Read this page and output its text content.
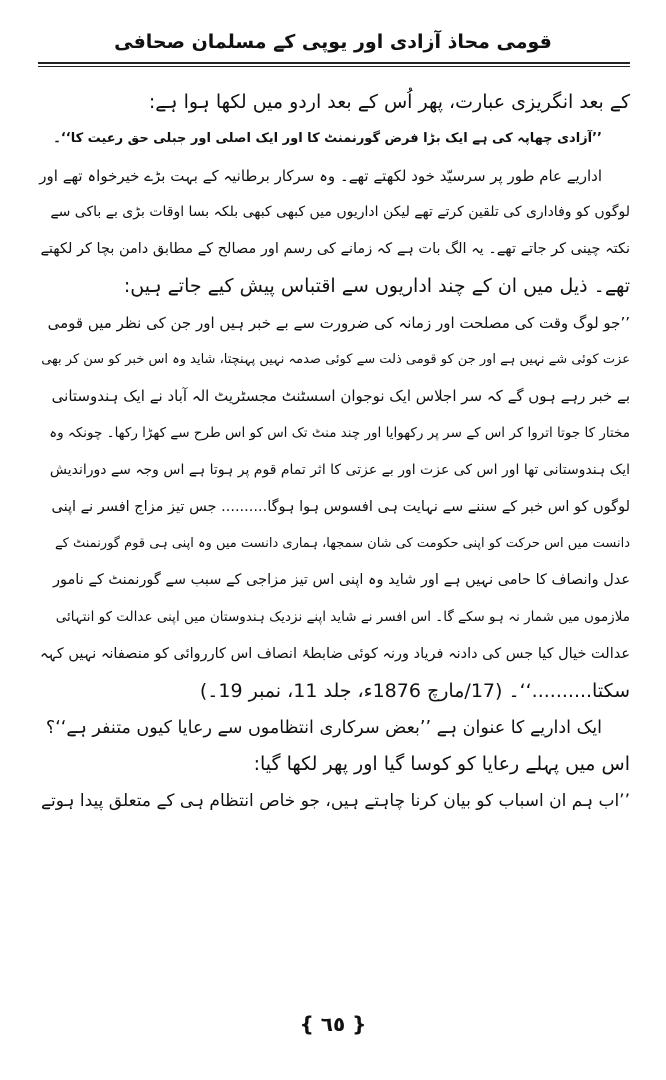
قومی محاذ آزادی اور یوپی کے مسلمان صحافی
کے بعد انگریزی عبارت، پھر اُس کے بعد اردو میں لکھا ہوا ہے:
’’آزادی چھاپہ کی ہے ایک بڑا فرض گورنمنٹ کا اور ایک اصلی اور جبلی حق رعیت کا‘‘۔
اداریے عام طور پر سرسیّد خود لکھتے تھے۔ وہ سرکار برطانیہ کے بہت بڑے خیرخواہ تھے اور
لوگوں کو وفاداری کی تلقین کرتے تھے لیکن اداریوں میں کبھی کبھی بلکہ بسا اوقات بڑی بے باکی سے
نکتہ چینی کر جاتے تھے۔ یہ الگ بات ہے کہ زمانے کی رسم اور مصالح کے مطابق دامن بچا کر لکھتے
تھے۔ ذیل میں ان کے چند اداریوں سے اقتباس پیش کیے جاتے ہیں:
’’جو لوگ وقت کی مصلحت اور زمانہ کی ضرورت سے بے خبر ہیں اور جن کی نظر میں قومی
عزت کوئی شے نہیں ہے اور جن کو قومی ذلت سے کوئی صدمہ نہیں پہنچتا، شاید وہ اس خبر کو سن کر بھی
بے خبر رہے ہوں گے کہ سر اجلاس ایک نوجوان اسسٹنٹ مجسٹریٹ الہ آباد نے ایک ہندوستانی
مختار کا جوتا اتروا کر اس کے سر پر رکھوایا اور چند منٹ تک اس کو اس طرح سے کھڑا رکھا۔ چونکہ وہ
ایک ہندوستانی تھا اور اس کی عزت اور بے عزتی کا اثر تمام قوم پر ہوتا ہے اس وجہ سے دوراندیش
لوگوں کو اس خبر کے سننے سے نہایت ہی افسوس ہوا ہوگا.......... جس تیز مزاج افسر نے اپنی
دانست میں اس حرکت کو اپنی حکومت کی شان سمجھا، ہماری دانست میں وہ اپنی ہی قوم گورنمنٹ کے
عدل وانصاف کا حامی نہیں ہے اور شاید وہ اپنی اس تیز مزاجی کے سبب سے گورنمنٹ کے نامور
ملازموں میں شمار نہ ہو سکے گا۔ اس افسر نے شاید اپنے نزدیک ہندوستان میں اپنی عدالت کو انتہائی
عدالت خیال کیا جس کی دادنہ فریاد ورنہ کوئی ضابطۂ انصاف اس کارروائی کو منصفانہ نہیں کہہ
سکتا..........‘‘۔ (17/مارچ 1876ء، جلد 11، نمبر 19۔)
ایک اداریے کا عنوان ہے ’’بعض سرکاری انتظاموں سے رعایا کیوں متنفر ہے‘‘؟
اس میں پہلے رعایا کو کوسا گیا اور پھر لکھا گیا:
’’اب ہم ان اسباب کو بیان کرنا چاہتے ہیں، جو خاص انتظام ہی کے متعلق پیدا ہوتے
{ ٦٥ }
